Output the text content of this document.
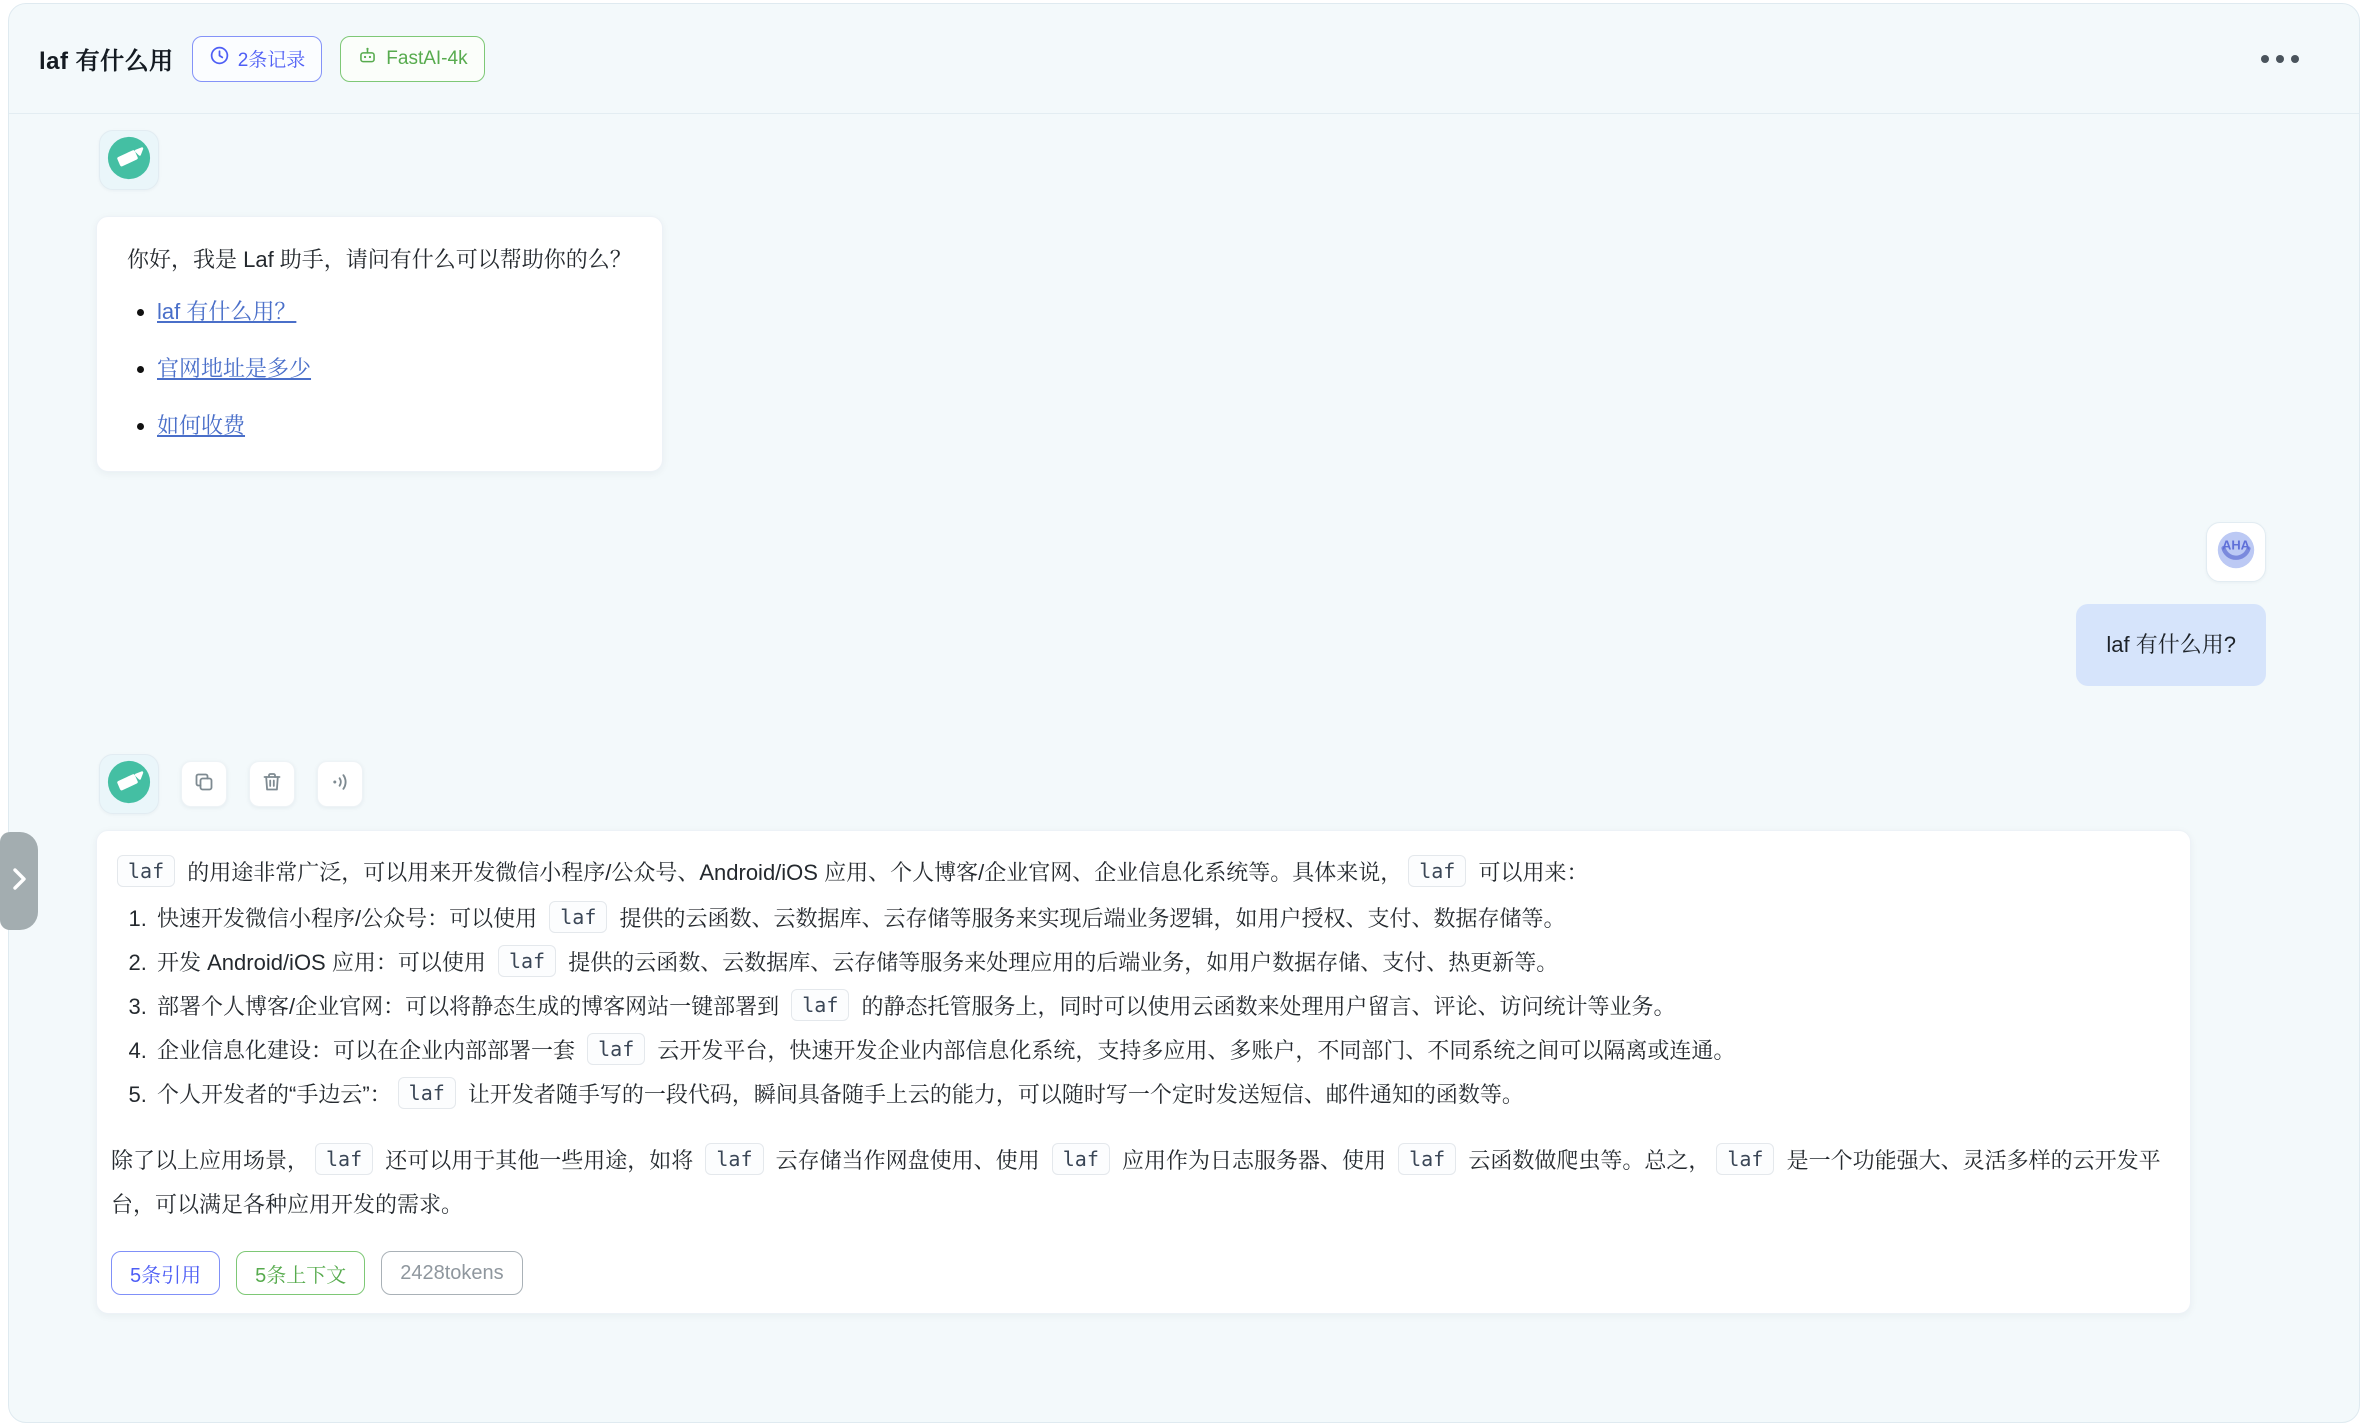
laf 有什么用	2条记录	FastAI-4k

你好，我是 Laf 助手，请问有什么可以帮助你的么？

• laf 有什么用？
• 官网地址是多少
• 如何收费
AHA
laf 有什么用?

laf 的用途非常广泛，可以用来开发微信小程序/公众号、Android/iOS 应用、个人博客/企业官网、企业信息化系统等。具体来说， laf 可以用来：

1. 快速开发微信小程序/公众号：可以使用 laf 提供的云函数、云数据库、云存储等服务来实现后端业务逻辑，如用户授权、支付、数据存储等。
2. 开发 Android/iOS 应用：可以使用 laf 提供的云函数、云数据库、云存储等服务来处理应用的后端业务，如用户数据存储、支付、热更新等。
3. 部署个人博客/企业官网：可以将静态生成的博客网站一键部署到 laf 的静态托管服务上，同时可以使用云函数来处理用户留言、评论、访问统计等业务。
4. 企业信息化建设：可以在企业内部部署一套 laf 云开发平台，快速开发企业内部信息化系统，支持多应用、多账户，不同部门、不同系统之间可以隔离或连通。
5. 个人开发者的“手边云”： laf 让开发者随手写的一段代码，瞬间具备随手上云的能力，可以随时写一个定时发送短信、邮件通知的函数等。

除了以上应用场景， laf 还可以用于其他一些用途，如将 laf 云存储当作网盘使用、使用 laf 应用作为日志服务器、使用 laf 云函数做爬虫等。总之， laf 是一个功能强大、灵活多样的云开发平台，可以满足各种应用开发的需求。

5条引用	5条上下文	2428tokens
